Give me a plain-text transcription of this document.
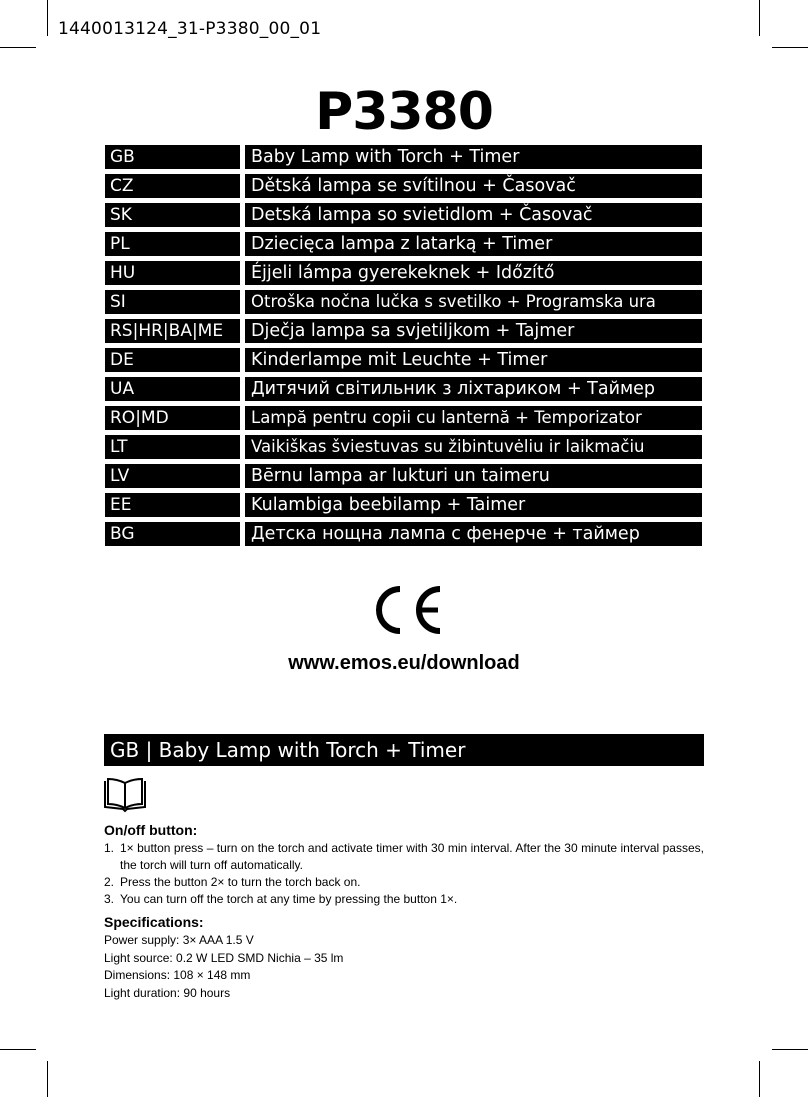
1440013124_31-P3380_00_01
P3380
GB	Baby Lamp with Torch + Timer
CZ	Dětská lampa se svítilnou + Časovač
SK	Detská lampa so svietidlom + Časovač
PL	Dziecięca lampa z latarką + Timer
HU	Éjjeli lámpa gyerekeknek + Időzítő
SI	Otroška nočna lučka s svetilko + Programska ura
RS|HR|BA|ME	Dječja lampa sa svjetiljkom + Tajmer
DE	Kinderlampe mit Leuchte + Timer
UA	Дитячий світильник з ліхтариком + Таймер
RO|MD	Lampă pentru copii cu lanternă + Temporizator
LT	Vaikiškas šviestuvas su žibintuvėliu ir laikmačiu
LV	Bērnu lampa ar lukturi un taimeru
EE	Kulambiga beebilamp + Taimer
BG	Детска нощна лампа с фенерче + таймер
www.emos.eu/download
GB | Baby Lamp with Torch + Timer
On/off button:
1. 1× button press – turn on the torch and activate timer with 30 min interval. After the 30 minute interval passes, the torch will turn off automatically.
2. Press the button 2× to turn the torch back on.
3. You can turn off the torch at any time by pressing the button 1×.
Specifications:
Power supply: 3× AAA 1.5 V
Light source: 0.2 W LED SMD Nichia – 35 lm
Dimensions: 108 × 148 mm
Light duration: 90 hours
